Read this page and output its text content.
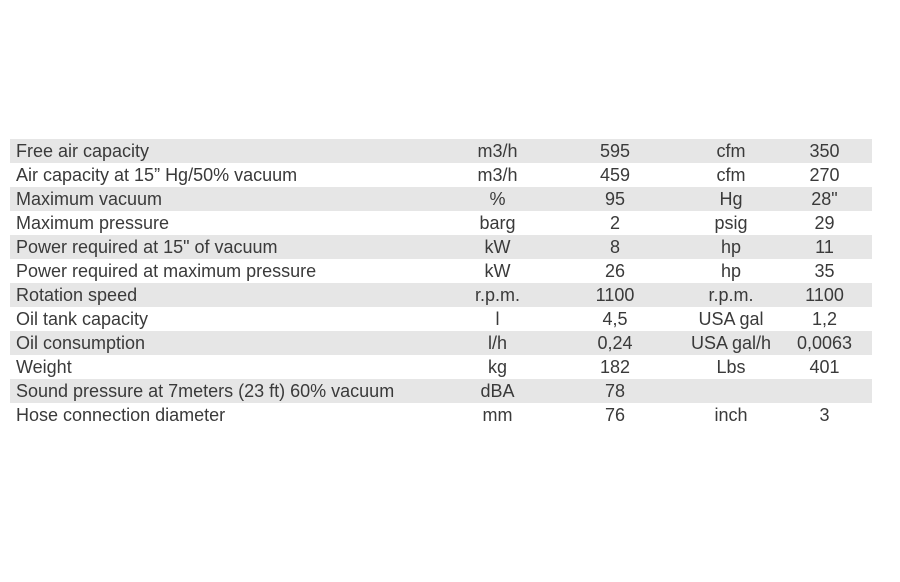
Free air capacity	m3/h	595	cfm	350
Air capacity at 15” Hg/50% vacuum	m3/h	459	cfm	270
Maximum vacuum	%	95	Hg	28"
Maximum pressure	barg	2	psig	29
Power required at 15" of vacuum	kW	8	hp	11
Power required at maximum pressure	kW	26	hp	35
Rotation speed	r.p.m.	1100	r.p.m.	1100
Oil tank capacity	l	4,5	USA gal	1,2
Oil consumption	l/h	0,24	USA gal/h	0,0063
Weight	kg	182	Lbs	401
Sound pressure at 7meters (23 ft) 60% vacuum	dBA	78		
Hose connection diameter	mm	76	inch	3
